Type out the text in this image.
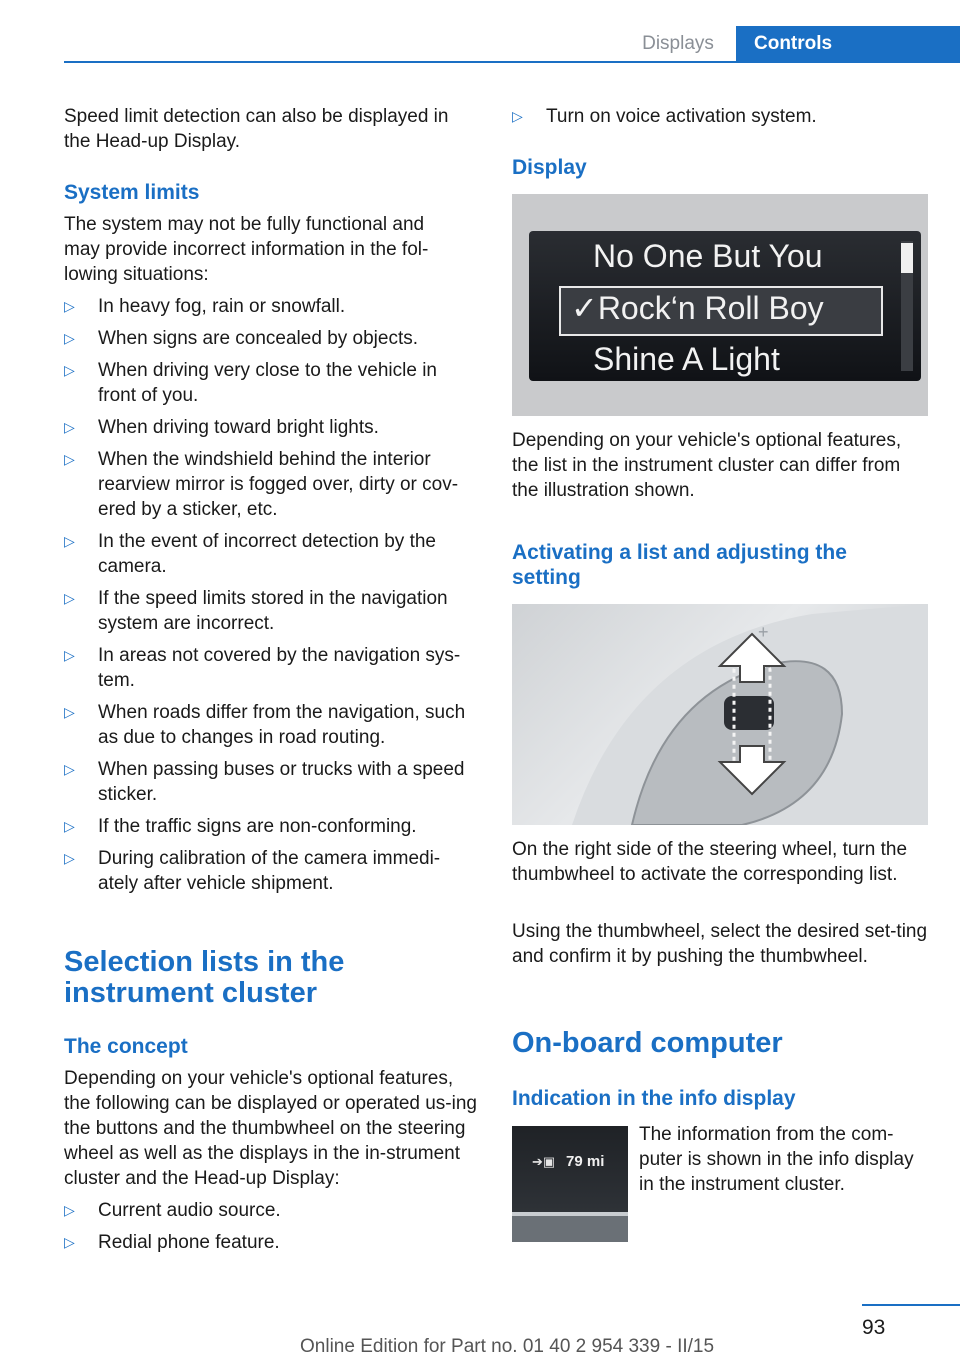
Displays	Controls

Speed limit detection can also be displayed in the Head-up Display.

System limits

The system may not be fully functional and may provide incorrect information in the fol-lowing situations:

▷ In heavy fog, rain or snowfall.
▷ When signs are concealed by objects.
▷ When driving very close to the vehicle in front of you.
▷ When driving toward bright lights.
▷ When the windshield behind the interior rearview mirror is fogged over, dirty or cov-ered by a sticker, etc.
▷ In the event of incorrect detection by the camera.
▷ If the speed limits stored in the navigation system are incorrect.
▷ In areas not covered by the navigation sys-tem.
▷ When roads differ from the navigation, such as due to changes in road routing.
▷ When passing buses or trucks with a speed sticker.
▷ If the traffic signs are non-conforming.
▷ During calibration of the camera immedi-ately after vehicle shipment.
Selection lists in the instrument cluster
The concept

Depending on your vehicle's optional features, the following can be displayed or operated us-ing the buttons and the thumbwheel on the steering wheel as well as the displays in the in-strument cluster and the Head-up Display:

▷ Current audio source.
▷ Redial phone feature.
▷ Turn on voice activation system.
Display
No One But You
✓Rock‘n Roll Boy
Shine A Light

Depending on your vehicle's optional features, the list in the instrument cluster can differ from the illustration shown.

Activating a list and adjusting the setting
+

On the right side of the steering wheel, turn the thumbwheel to activate the corresponding list.

Using the thumbwheel, select the desired set-ting and confirm it by pushing the thumbwheel.

On-board computer
Indication in the info display
➔▣ 79 mi

The information from the com-puter is shown in the info display in the instrument cluster.

93
Online Edition for Part no. 01 40 2 954 339 - II/15
